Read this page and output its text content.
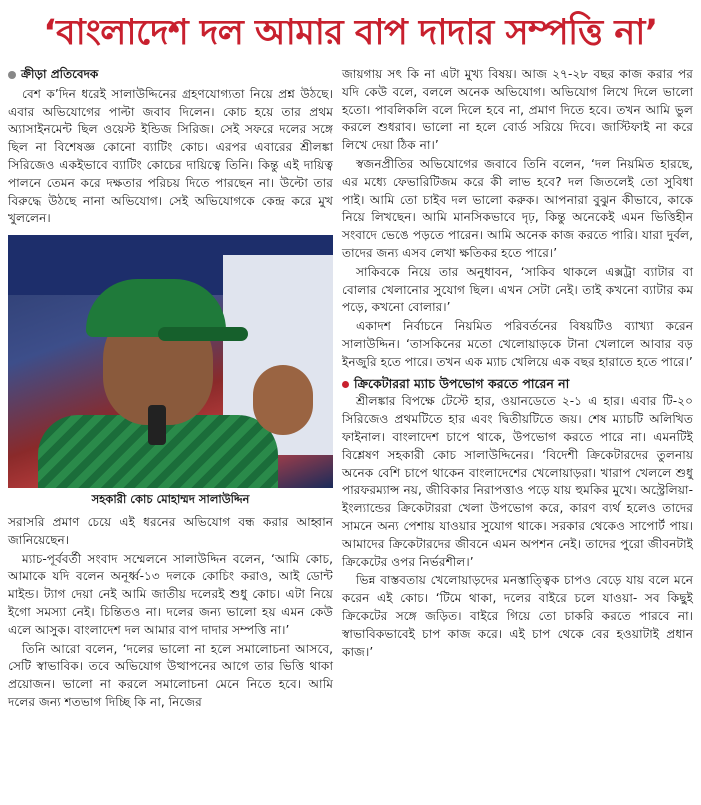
‘বাংলাদেশ দল আমার বাপ দাদার সম্পত্তি না’
ক্রীড়া প্রতিবেদক

বেশ ক’দিন ধরেই সালাউদ্দিনের গ্রহণযোগ্যতা নিয়ে প্রশ্ন উঠছে। এবার অভিযোগের পাল্টা জবাব দিলেন। কোচ হয়ে তার প্রথম অ্যাসাইনমেন্ট ছিল ওয়েস্ট ইন্ডিজ সিরিজ। সেই সফরে দলের সঙ্গে ছিল না বিশেষজ্ঞ কোনো ব্যাটিং কোচ। এরপর এবারের শ্রীলঙ্কা সিরিজেও একইভাবে ব্যাটিং কোচের দায়িত্বে তিনি। কিন্তু এই দায়িত্ব পালনে তেমন করে দক্ষতার পরিচয় দিতে পারছেন না। উল্টো তার বিরুদ্ধে উঠছে নানা অভিযোগ। সেই অভিযোগকে কেন্দ্র করে মুখ খুললেন।

সহকারী কোচ মোহাম্মদ সালাউদ্দিন

সরাসরি প্রমাণ চেয়ে এই ধরনের অভিযোগ বন্ধ করার আহ্বান জানিয়েছেন।

ম্যাচ-পূর্ববর্তী সংবাদ সম্মেলনে সালাউদ্দিন বলেন, ‘আমি কোচ, আমাকে যদি বলেন অনূর্ধ্ব-১৩ দলকে কোচিং করাও, আই ডোন্ট মাইন্ড। ট্যাগ দেয়া নেই আমি জাতীয় দলেরই শুধু কোচ। এটা নিয়ে ইগো সমস্যা নেই। চিন্তিতও না। দলের জন্য ভালো হয় এমন কেউ এলে আসুক। বাংলাদেশ দল আমার বাপ দাদার সম্পত্তি না।’

তিনি আরো বলেন, ‘দলের ভালো না হলে সমালোচনা আসবে, সেটি স্বাভাবিক। তবে অভিযোগ উত্থাপনের আগে তার ভিত্তি থাকা প্রয়োজন। ভালো না করলে সমালোচনা মেনে নিতে হবে। আমি দলের জন্য শতভাগ দিচ্ছি কি না, নিজের

জায়গায় সৎ কি না এটা মুখ্য বিষয়। আজ ২৭-২৮ বছর কাজ করার পর যদি কেউ বলে, বললে অনেক অভিযোগ। অভিযোগ লিখে দিলে ভালো হতো। পাবলিকলি বলে দিলে হবে না, প্রমাণ দিতে হবে। তখন আমি ভুল করলে শুধরাব। ভালো না হলে বোর্ড সরিয়ে দিবে। জাস্টিফাই না করে লিখে দেয়া ঠিক না।’

স্বজনপ্রীতির অভিযোগের জবাবে তিনি বলেন, ‘দল নিয়মিত হারছে, এর মধ্যে ফেভারিটিজম করে কী লাভ হবে? দল জিতলেই তো সুবিধা পাই। আমি তো চাইব দল ভালো করুক। আপনারা বুঝুন কীভাবে, কাকে নিয়ে লিখছেন। আমি মানসিকভাবে দৃঢ়, কিন্তু অনেকেই এমন ভিত্তিহীন সংবাদে ভেঙে পড়তে পারেন। আমি অনেক কাজ করতে পারি। যারা দুর্বল, তাদের জন্য এসব লেখা ক্ষতিকর হতে পারে।’

সাকিবকে নিয়ে তার অনুধাবন, ‘সাকিব থাকলে এক্সট্রা ব্যাটার বা বোলার খেলানোর সুযোগ ছিল। এখন সেটা নেই। তাই কখনো ব্যাটার কম পড়ে, কখনো বোলার।’

একাদশ নির্বাচনে নিয়মিত পরিবর্তনের বিষয়টিও ব্যাখ্যা করেন সালাউদ্দিন। ‘তাসকিনের মতো খেলোয়াড়কে টানা খেলালে আবার বড় ইনজুরি হতে পারে। তখন এক ম্যাচ খেলিয়ে এক বছর হারাতে হতে পারে।’

ক্রিকেটাররা ম্যাচ উপভোগ করতে পারেন না

শ্রীলঙ্কার বিপক্ষে টেস্টে হার, ওয়ানডেতে ২-১ এ হার। এবার টি-২০ সিরিজেও প্রথমটিতে হার এবং দ্বিতীয়টিতে জয়। শেষ ম্যাচটি অলিখিত ফাইনাল। বাংলাদেশ চাপে থাকে, উপভোগ করতে পারে না। এমনটিই বিশ্লেষণ সহকারী কোচ সালাউদ্দিনের। ‘বিদেশী ক্রিকেটারদের তুলনায় অনেক বেশি চাপে থাকেন বাংলাদেশের খেলোয়াড়রা। খারাপ খেললে শুধু পারফরম্যান্স নয়, জীবিকার নিরাপত্তাও পড়ে যায় হুমকির মুখে। অস্ট্রেলিয়া-ইংল্যান্ডের ক্রিকেটাররা খেলা উপভোগ করে, কারণ ব্যর্থ হলেও তাদের সামনে অন্য পেশায় যাওয়ার সুযোগ থাকে। সরকার থেকেও সাপোর্ট পায়। আমাদের ক্রিকেটারদের জীবনে এমন অপশন নেই। তাদের পুরো জীবনটাই ক্রিকেটের ওপর নির্ভরশীল।’

ভিন্ন বাস্তবতায় খেলোয়াড়দের মনস্তাত্ত্বিক চাপও বেড়ে যায় বলে মনে করেন এই কোচ। ‘টিমে থাকা, দলের বাইরে চলে যাওয়া- সব কিছুই ক্রিকেটের সঙ্গে জড়িত। বাইরে গিয়ে তো চাকরি করতে পারবে না। স্বাভাবিকভাবেই চাপ কাজ করে। এই চাপ থেকে বের হওয়াটাই প্রধান কাজ।’
